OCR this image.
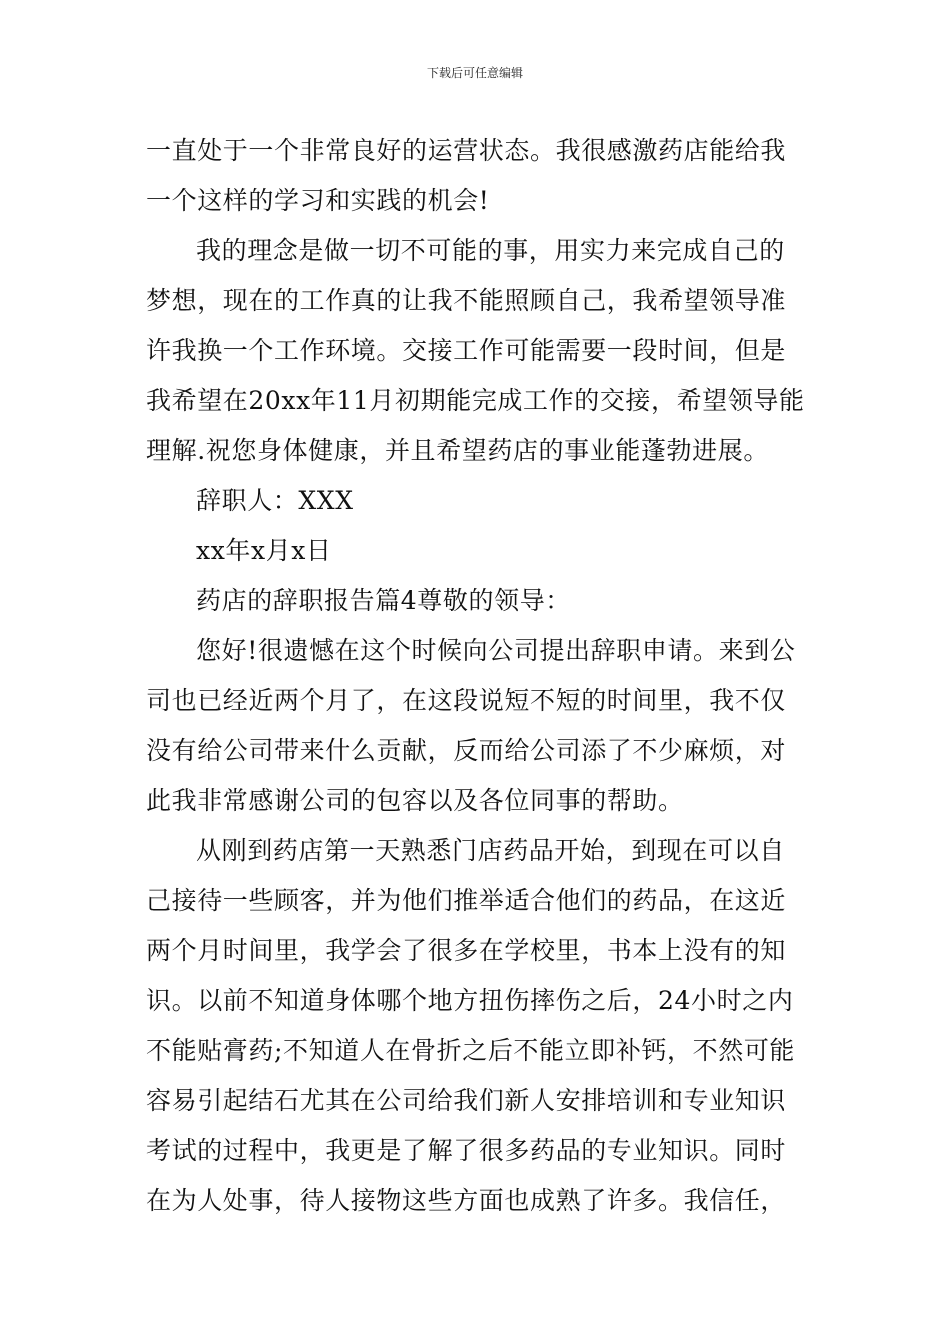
下载后可任意编辑
一直处于一个非常良好的运营状态。我很感激药店能给我
一个这样的学习和实践的机会!
我的理念是做一切不可能的事，用实力来完成自己的
梦想，现在的工作真的让我不能照顾自己，我希望领导准
许我换一个工作环境。交接工作可能需要一段时间，但是
我希望在20xx年11月初期能完成工作的交接，希望领导能
理解.祝您身体健康，并且希望药店的事业能蓬勃进展。
辞职人：XXX
xx年x月x日
药店的辞职报告篇4尊敬的领导：
您好!很遗憾在这个时候向公司提出辞职申请。来到公
司也已经近两个月了，在这段说短不短的时间里，我不仅
没有给公司带来什么贡献，反而给公司添了不少麻烦，对
此我非常感谢公司的包容以及各位同事的帮助。
从刚到药店第一天熟悉门店药品开始，到现在可以自
己接待一些顾客，并为他们推举适合他们的药品，在这近
两个月时间里，我学会了很多在学校里，书本上没有的知
识。以前不知道身体哪个地方扭伤摔伤之后，24小时之内
不能贴膏药;不知道人在骨折之后不能立即补钙，不然可能
容易引起结石尤其在公司给我们新人安排培训和专业知识
考试的过程中，我更是了解了很多药品的专业知识。同时
在为人处事，待人接物这些方面也成熟了许多。我信任，
